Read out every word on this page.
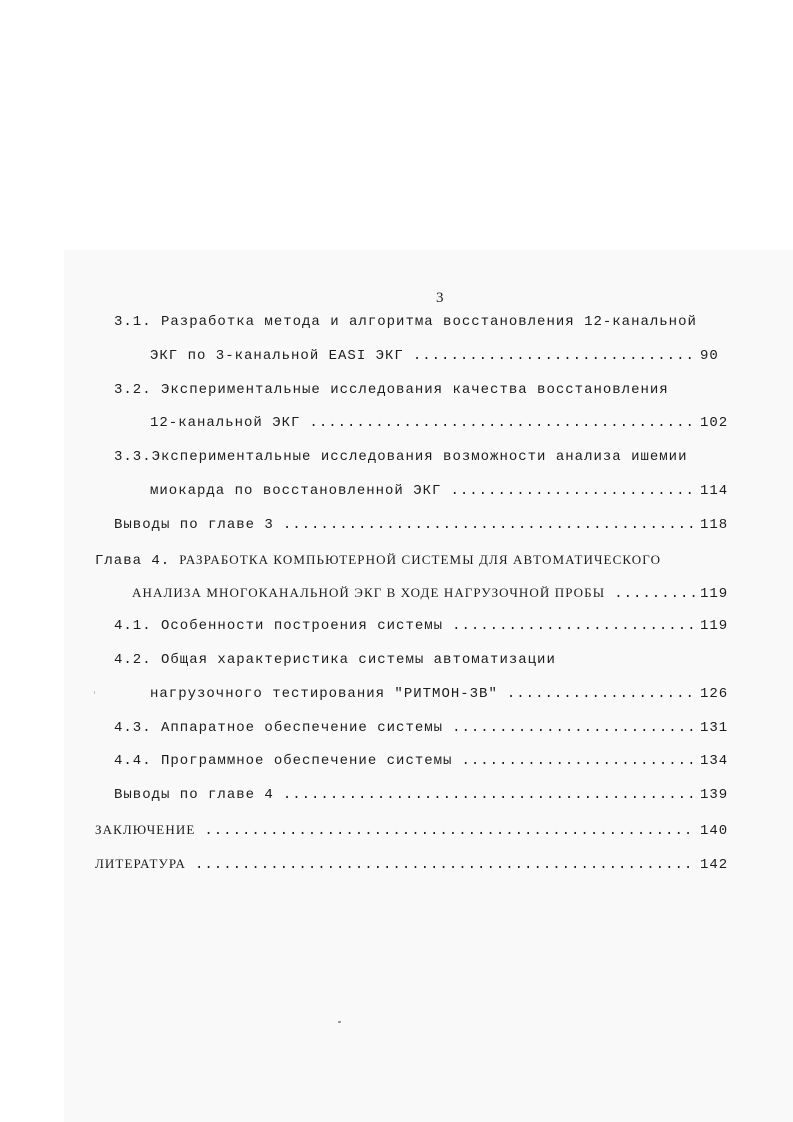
3
3.1. Разработка метода и алгоритма восстановления 12-канальной
ЭКГ по 3-канальной EASI ЭКГ .....	90
3.2. Экспериментальные исследования качества восстановления
12-канальной ЭКГ .....	102
3.3.Экспериментальные исследования возможности анализа ишемии
миокарда по восстановленной ЭКГ .....	114
Выводы по главе 3 .....	118
Глава 4. РАЗРАБОТКА КОМПЬЮТЕРНОЙ СИСТЕМЫ ДЛЯ АВТОМАТИЧЕСКОГО
АНАЛИЗА МНОГОКАНАЛЬНОЙ ЭКГ В ХОДЕ НАГРУЗОЧНОЙ ПРОБЫ .....	119
4.1. Особенности построения системы .....	119
4.2. Общая характеристика системы автоматизации
нагрузочного тестирования "РИТМОН-3В" .....	126
4.3. Аппаратное обеспечение системы .....	131
4.4. Программное обеспечение системы .....	134
Выводы по главе 4 .....	139
ЗАКЛЮЧЕНИЕ .....	140
ЛИТЕРАТУРА .....	142
